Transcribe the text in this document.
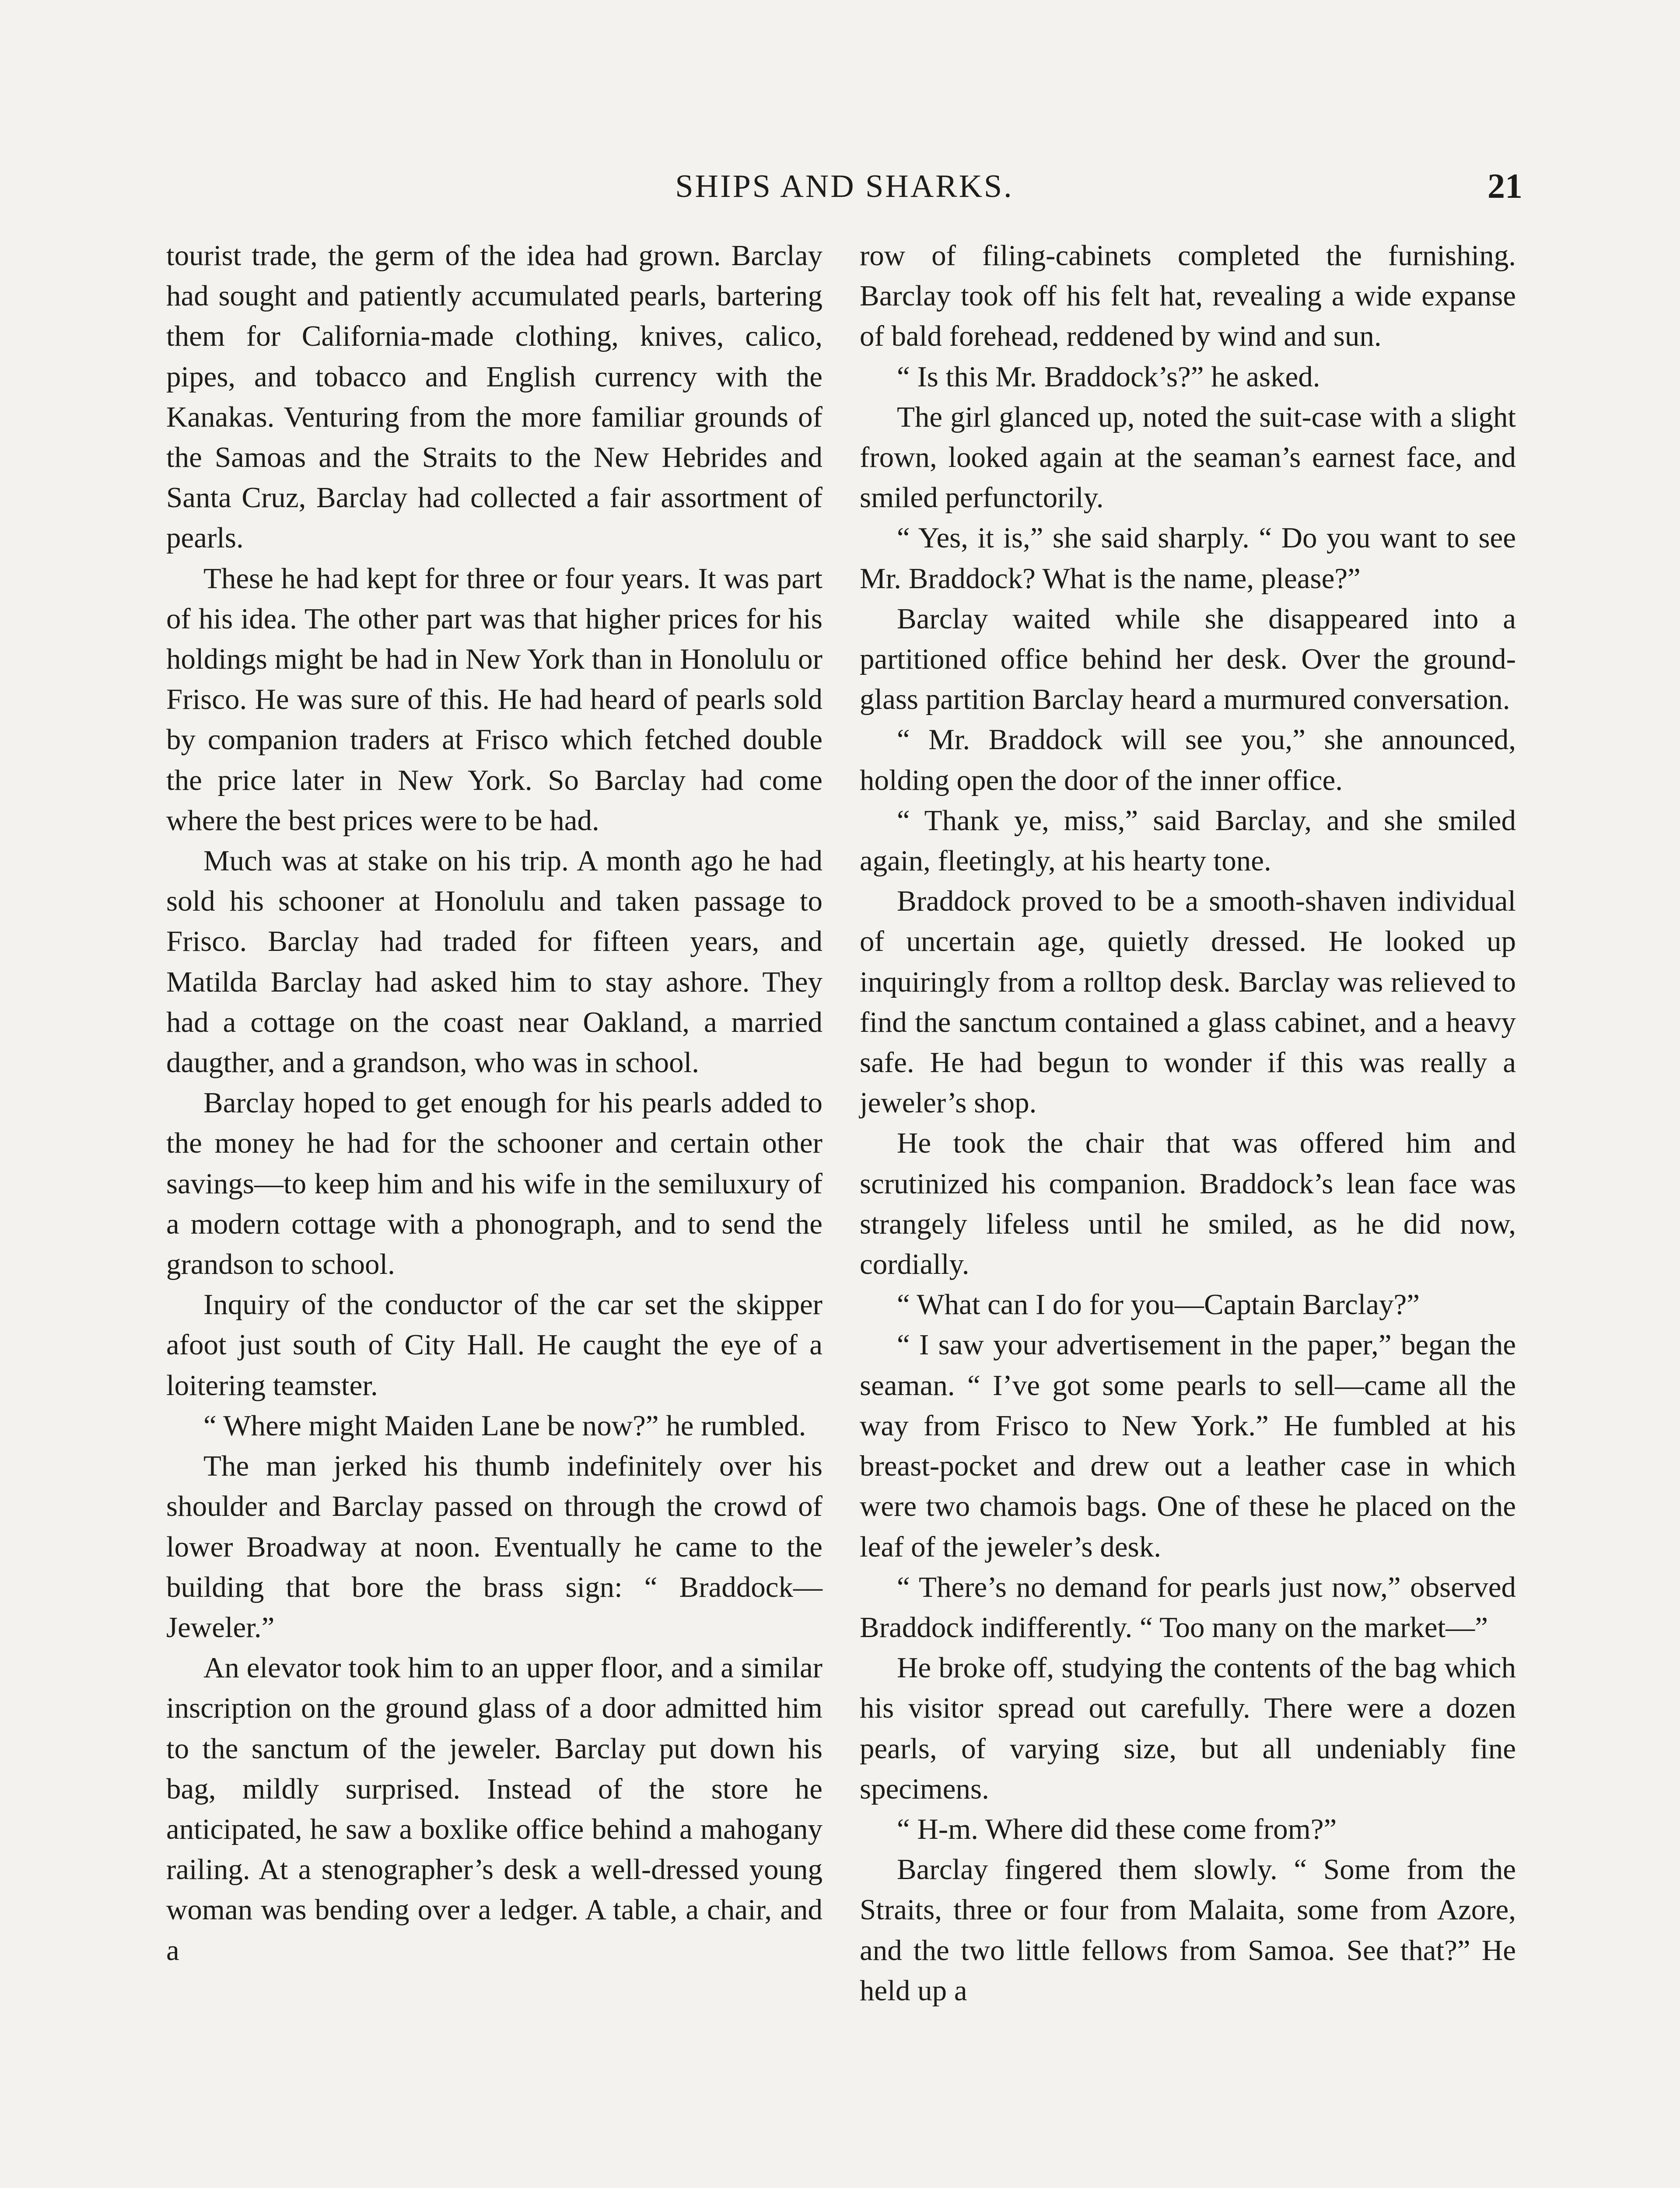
SHIPS AND SHARKS.	21

tourist trade, the germ of the idea had grown. Barclay had sought and patiently accumulated pearls, bartering them for California-made clothing, knives, calico, pipes, and tobacco and English currency with the Kanakas. Venturing from the more familiar grounds of the Samoas and the Straits to the New Hebrides and Santa Cruz, Barclay had collected a fair assortment of pearls.

These he had kept for three or four years. It was part of his idea. The other part was that higher prices for his holdings might be had in New York than in Honolulu or Frisco. He was sure of this. He had heard of pearls sold by companion traders at Frisco which fetched double the price later in New York. So Barclay had come where the best prices were to be had.

Much was at stake on his trip. A month ago he had sold his schooner at Honolulu and taken passage to Frisco. Barclay had traded for fifteen years, and Matilda Barclay had asked him to stay ashore. They had a cottage on the coast near Oakland, a married daugther, and a grandson, who was in school.

Barclay hoped to get enough for his pearls added to the money he had for the schooner and certain other savings—to keep him and his wife in the semiluxury of a modern cottage with a phonograph, and to send the grandson to school.

Inquiry of the conductor of the car set the skipper afoot just south of City Hall. He caught the eye of a loitering teamster.

“ Where might Maiden Lane be now?” he rumbled.

The man jerked his thumb indefinitely over his shoulder and Barclay passed on through the crowd of lower Broadway at noon. Eventually he came to the building that bore the brass sign: “ Braddock—Jeweler.”

An elevator took him to an upper floor, and a similar inscription on the ground glass of a door admitted him to the sanctum of the jeweler. Barclay put down his bag, mildly surprised. Instead of the store he anticipated, he saw a boxlike office behind a mahogany railing. At a stenographer’s desk a well-dressed young woman was bending over a ledger. A table, a chair, and a

row of filing-cabinets completed the furnishing. Barclay took off his felt hat, revealing a wide expanse of bald forehead, reddened by wind and sun.

“ Is this Mr. Braddock’s?” he asked.

The girl glanced up, noted the suit-case with a slight frown, looked again at the seaman’s earnest face, and smiled perfunctorily.

“ Yes, it is,” she said sharply. “ Do you want to see Mr. Braddock? What is the name, please?”

Barclay waited while she disappeared into a partitioned office behind her desk. Over the ground-glass partition Barclay heard a murmured conversation.

“ Mr. Braddock will see you,” she announced, holding open the door of the inner office.

“ Thank ye, miss,” said Barclay, and she smiled again, fleetingly, at his hearty tone.

Braddock proved to be a smooth-shaven individual of uncertain age, quietly dressed. He looked up inquiringly from a rolltop desk. Barclay was relieved to find the sanctum contained a glass cabinet, and a heavy safe. He had begun to wonder if this was really a jeweler’s shop.

He took the chair that was offered him and scrutinized his companion. Braddock’s lean face was strangely lifeless until he smiled, as he did now, cordially.

“ What can I do for you—Captain Barclay?”

“ I saw your advertisement in the paper,” began the seaman. “ I’ve got some pearls to sell—came all the way from Frisco to New York.” He fumbled at his breast-pocket and drew out a leather case in which were two chamois bags. One of these he placed on the leaf of the jeweler’s desk.

“ There’s no demand for pearls just now,” observed Braddock indifferently. “ Too many on the market—”

He broke off, studying the contents of the bag which his visitor spread out carefully. There were a dozen pearls, of varying size, but all undeniably fine specimens.

“ H-m. Where did these come from?”

Barclay fingered them slowly. “ Some from the Straits, three or four from Malaita, some from Azore, and the two little fellows from Samoa. See that?” He held up a
